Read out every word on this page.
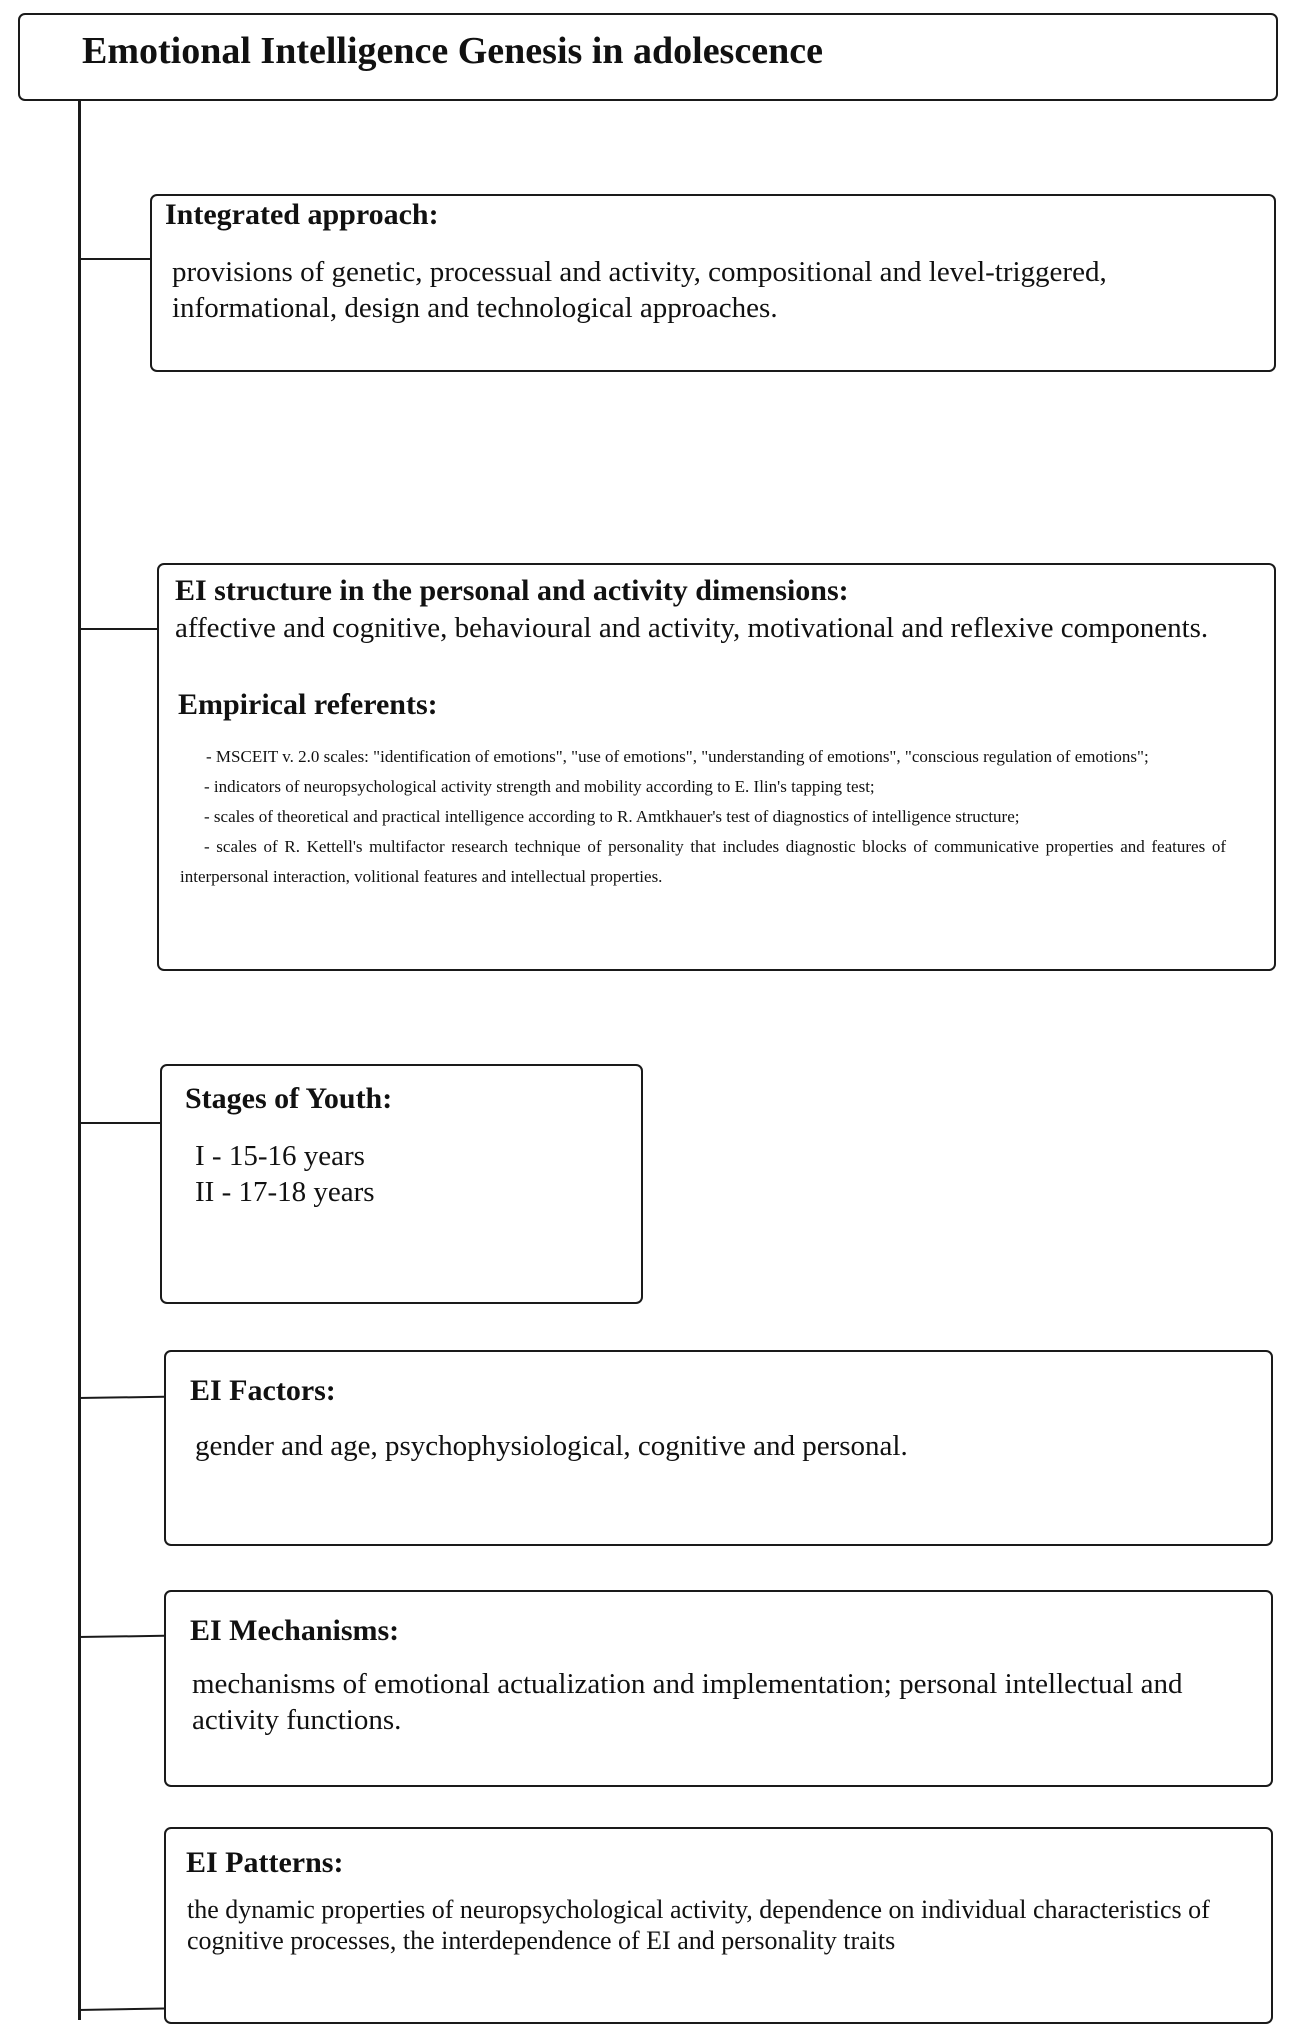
Emotional Intelligence Genesis in adolescence
Integrated approach:
provisions of genetic, processual and activity, compositional and level-triggered, informational, design and technological approaches.
EI structure in the personal and activity dimensions:
affective and cognitive, behavioural and activity, motivational and reflexive components.
Empirical referents:

- MSCEIT v. 2.0 scales: "identification of emotions", "use of emotions", "understanding of emotions", "conscious regulation of emotions";

- indicators of neuropsychological activity strength and mobility according to E. Ilin's tapping test;

- scales of theoretical and practical intelligence according to R. Amtkhauer's test of diagnostics of intelligence structure;

- scales of R. Kettell's multifactor research technique of personality that includes diagnostic blocks of communicative properties and features of interpersonal interaction, volitional features and intellectual properties.

Stages of Youth:
I - 15-16 years
II - 17-18 years
EI Factors:
gender and age, psychophysiological, cognitive and personal.
EI Mechanisms:
mechanisms of emotional actualization and implementation; personal intellectual and activity functions.
EI Patterns:
the dynamic properties of neuropsychological activity, dependence on individual characteristics of cognitive processes, the interdependence of EI and personality traits
